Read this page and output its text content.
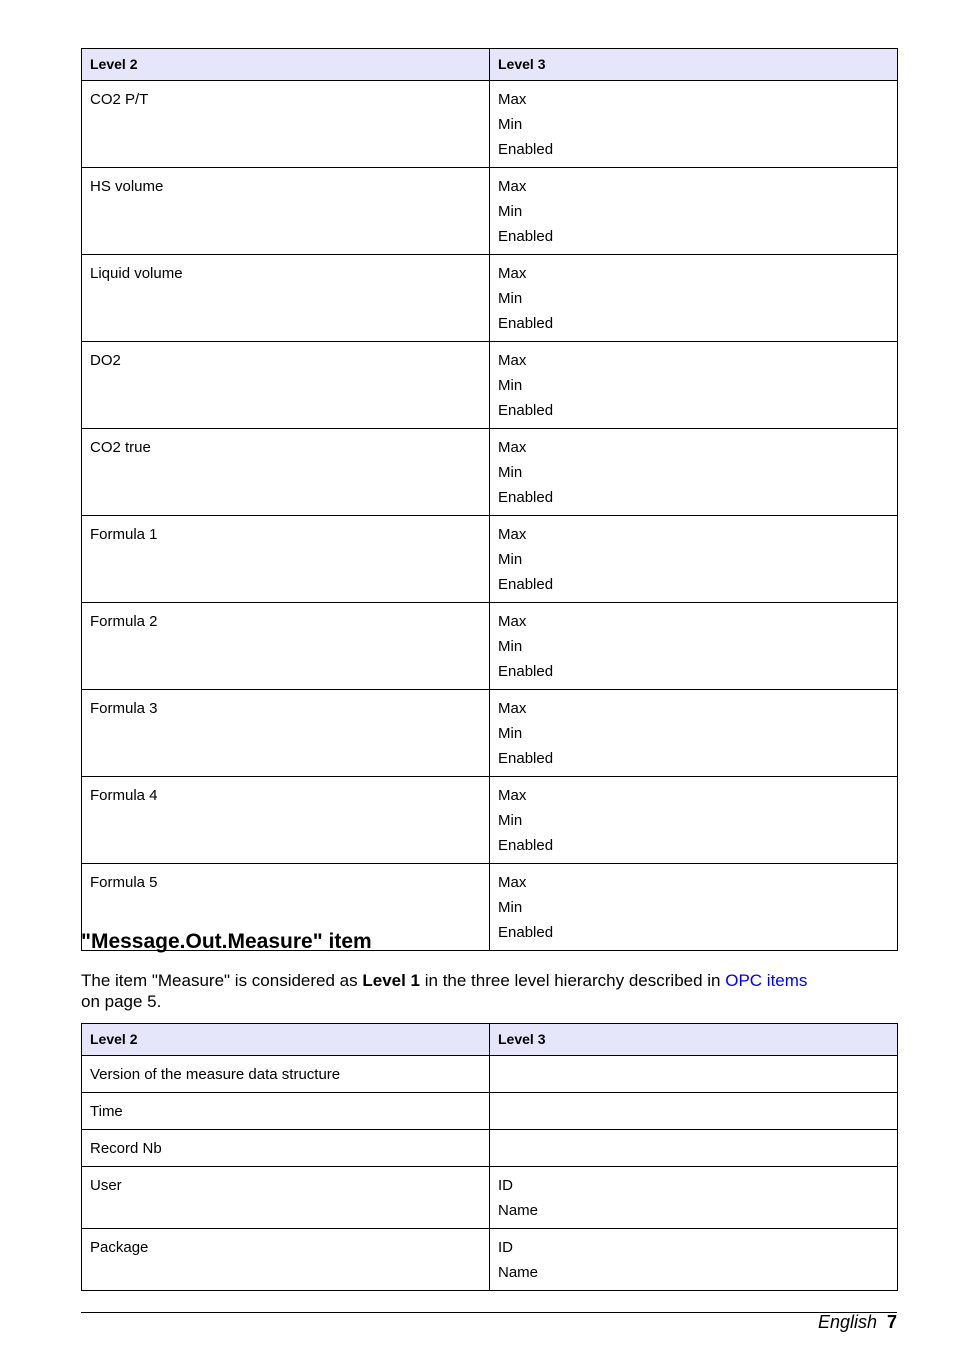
Level 2	Level 3
CO2 P/T	Max
Min
Enabled

HS volume	Max
Min
Enabled

Liquid volume	Max
Min
Enabled

DO2	Max
Min
Enabled

CO2 true	Max
Min
Enabled

Formula 1	Max
Min
Enabled

Formula 2	Max
Min
Enabled

Formula 3	Max
Min
Enabled

Formula 4	Max
Min
Enabled

Formula 5	Max
Min
Enabled
"Message.Out.Measure" item

The item "Measure" is considered as Level 1 in the three level hierarchy described in OPC items
on page 5.

Level 2	Level 3
Version of the measure data structure	
Time	
Record Nb	
User	ID
Name

Package	ID
Name
English 7
